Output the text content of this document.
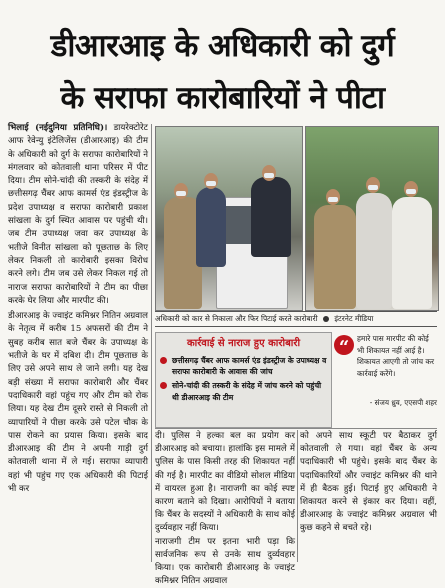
डीआरआइ के अधिकारी को दुर्ग
के सराफा कारोबारियों ने पीटा

भिलाई (नईदुनिया प्रतिनिधि)। डायरेक्टोरेट आफ रेवेन्यु इंटेलिजेंस (डीआरआइ) की टीम के अधिकारी को दुर्ग के सराफा कारोबारियों ने मंगलवार को कोतवाली थाना परिसर में पीट दिया। टीम सोने-चांदी की तस्करी के संदेह में छत्तीसगढ़ चैंबर आफ कामर्स एंड इंडस्ट्रीज के प्रदेश उपाध्यक्ष व सराफा कारोबारी प्रकाश सांखला के दुर्ग स्थित आवास पर पहुंची थी। जब टीम उपाध्यक्ष जवा कर उपाध्यक्ष के भतीजे विनीत सांखला को पूछताछ के लिए लेकर निकली तो कारोबारी इसका विरोध करने लगे। टीम जब उसे लेकर निकल गई तो नाराज सराफा कारोबारियों ने टीम का पीछा करके घेर लिया और मारपीट की।

डीआरआइ के ज्वाइंट कमिश्नर नितिन अग्रवाल के नेतृत्व में करीब 15 अफसरों की टीम ने सुबह करीब सात बजे चैंबर के उपाध्यक्ष के भतीजे के घर में दबिश दी। टीम पूछताछ के लिए उसे अपने साथ ले जाने लगी। यह देख बड़ी संख्या में सराफा कारोबारी और चैंबर पदाधिकारी वहां पहुंच गए और टीम को रोक लिया। यह देख टीम दूसरे रास्ते से निकली तो व्यापारियों ने पीछा करके उसे पटेल चौक के पास रोकने का प्रयास किया। इसके बाद डीआरआइ की टीम ने अपनी गाड़ी दुर्ग कोतवाली थाना में ले गई। सराफा व्यापारी वहां भी पहुंच गए एक अधिकारी की पिटाई भी कर

अधिकारी को कार से निकाला और फिर पिटाई करते कारोबारी इंटरनेट मीडिया
कार्रवाई से नाराज हुए कारोबारी
छत्तीसगढ़ चैंबर आफ कामर्स एंड इंडस्ट्रीज के उपाध्यक्ष व सराफा कारोबारी के आवास की जांच
सोने-चांदी की तस्करी के संदेह में जांच करने को पहुंची थी डीआरआइ की टीम
“	हमारे पास मारपीट की कोई भी शिकायत नहीं आई है। शिकायत आएगी तो जांच कर कार्रवाई करेंगे।
- संजय ध्रुव, एएसपी शहर

दी। पुलिस ने हल्का बल का प्रयोग कर डीआरआइ को बचाया। हालांकि इस मामले में पुलिस के पास किसी तरह की शिकायत नहीं की गई है। मारपीट का वीडियो सोशल मीडिया में वायरल हुआ है। नाराजगी का कोई स्पष्ट कारण बताने को दिखा। आरोपियों ने बताया कि चैंबर के सदस्यों ने अधिकारी के साथ कोई दुर्व्यवहार नहीं किया।

नाराजगी टीम पर इतना भारी पड़ा कि सार्वजनिक रूप से उनके साथ दुर्व्यवहार किया। एक कारोबारी डीआरआइ के ज्वाइंट कमिश्नर नितिन अग्रवाल

को अपने साथ स्कूटी पर बैठाकर दुर्ग कोतवाली ले गया। वहां चैंबर के अन्य पदाधिकारी भी पहुंचे। इसके बाद चैंबर के पदाधिकारियों और ज्वाइंट कमिश्नर की थाने में ही बैठक हुई। पिटाई हुए अधिकारी ने शिकायत करने से इंकार कर दिया। वहीं, डीआरआइ के ज्वाइंट कमिश्नर अग्रवाल भी कुछ कहने से बचते रहे।
